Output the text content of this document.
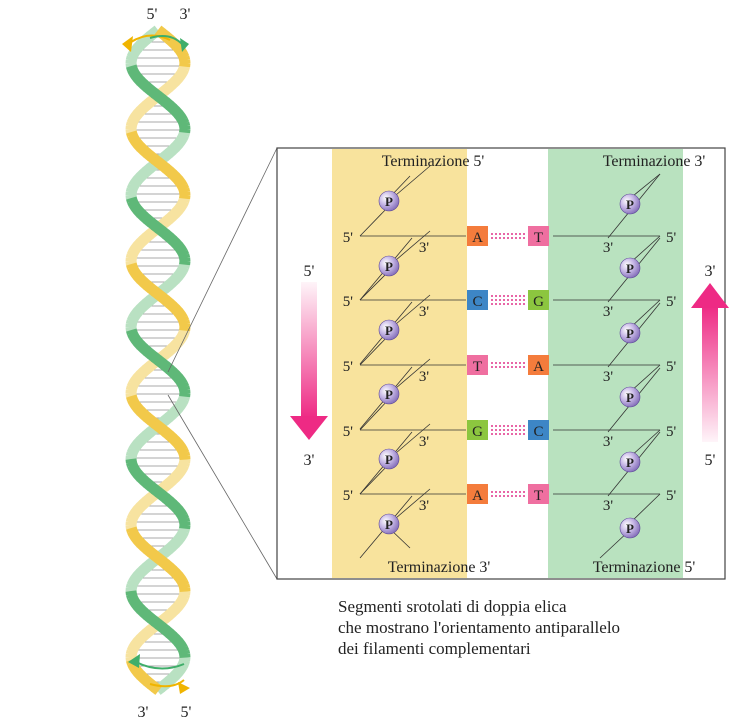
5' 3'
3' 5'
Terminazione 5'
Terminazione 3'
Terminazione 3'
Terminazione 5'
5'
3'
5'
3'
5'
3'
5'
3'
5'
3'
5'
3'
5'
3'
5'
3'
5'
3'
5'
3'
P
P
P
P
P
P
P
P
P
P
P
P
A	T
C	G
T	A
G	C
A	T
5'
3'
3'
5'
Segmenti srotolati di doppia elica
che mostrano l'orientamento antiparallelo
dei filamenti complementari
